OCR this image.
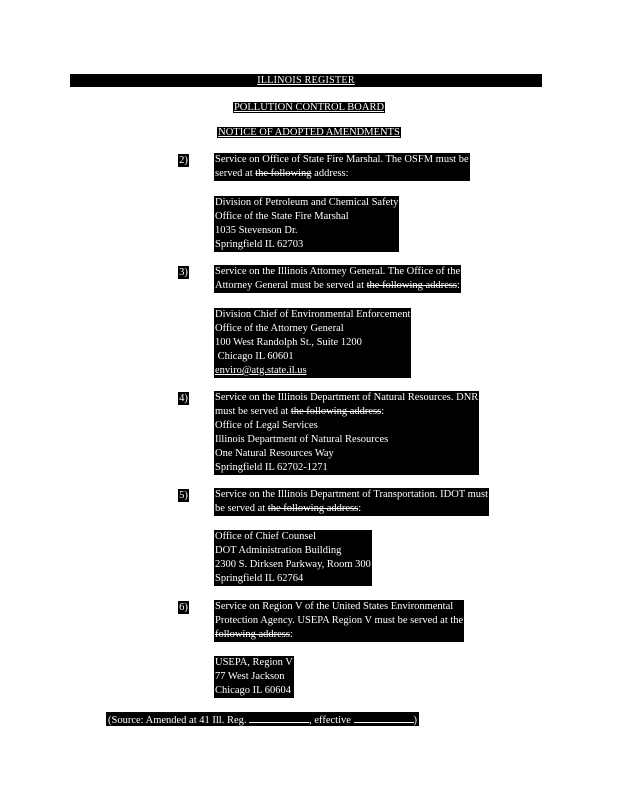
ILLINOIS REGISTER
POLLUTION CONTROL BOARD
NOTICE OF ADOPTED AMENDMENTS
2)	Service on Office of State Fire Marshal. The OSFM must be
served at the following address:
Division of Petroleum and Chemical Safety
Office of the State Fire Marshal
1035 Stevenson Dr.
Springfield IL 62703
3)	Service on the Illinois Attorney General. The Office of the
Attorney General must be served at the following address:
Division Chief of Environmental Enforcement
Office of the Attorney General
100 West Randolph St., Suite 1200
Chicago IL 60601
enviro@atg.state.il.us
4)	Service on the Illinois Department of Natural Resources. DNR
must be served at the following address:
Office of Legal Services
Illinois Department of Natural Resources
One Natural Resources Way
Springfield IL 62702-1271
5)	Service on the Illinois Department of Transportation. IDOT must
be served at the following address:
Office of Chief Counsel
DOT Administration Building
2300 S. Dirksen Parkway, Room 300
Springfield IL 62764
6)	Service on Region V of the United States Environmental
Protection Agency. USEPA Region V must be served at the
following address:
USEPA, Region V
77 West Jackson
Chicago IL 60604
(Source: Amended at 41 Ill. Reg.	, effective	)
